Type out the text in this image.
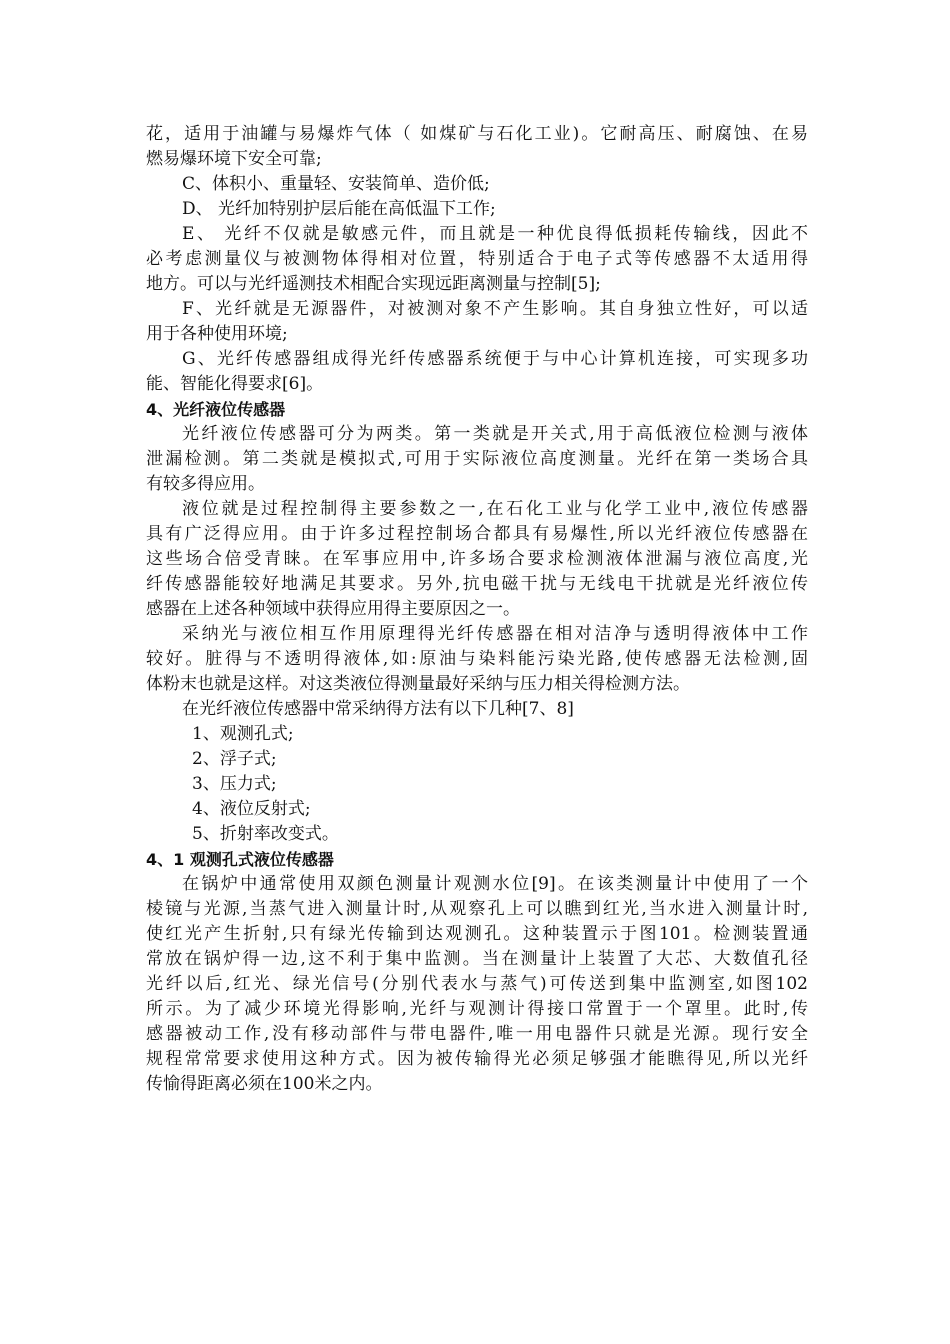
花，适用于油罐与易爆炸气体（ 如煤矿与石化工业)。它耐高压、耐腐蚀、在易
燃易爆环境下安全可靠;
C、体积小、重量轻、安装简单、造价低;
D、 光纤加特别护层后能在高低温下工作;
E、 光纤不仅就是敏感元件，而且就是一种优良得低损耗传输线，因此不
必考虑测量仪与被测物体得相对位置，特别适合于电子式等传感器不太适用得
地方。可以与光纤遥测技术相配合实现远距离测量与控制[5];
F、光纤就是无源器件，对被测对象不产生影响。其自身独立性好，可以适
用于各种使用环境;
G、光纤传感器组成得光纤传感器系统便于与中心计算机连接，可实现多功
能、智能化得要求[6]。
4、光纤液位传感器
光纤液位传感器可分为两类。第一类就是开关式,用于高低液位检测与液体
泄漏检测。第二类就是模拟式,可用于实际液位高度测量。光纤在第一类场合具
有较多得应用。
液位就是过程控制得主要参数之一,在石化工业与化学工业中,液位传感器
具有广泛得应用。由于许多过程控制场合都具有易爆性,所以光纤液位传感器在
这些场合倍受青睐。在军事应用中,许多场合要求检测液体泄漏与液位高度,光
纤传感器能较好地满足其要求。另外,抗电磁干扰与无线电干扰就是光纤液位传
感器在上述各种领域中获得应用得主要原因之一。
采纳光与液位相互作用原理得光纤传感器在相对洁净与透明得液体中工作
较好。脏得与不透明得液体,如:原油与染料能污染光路,使传感器无法检测,固
体粉末也就是这样。对这类液位得测量最好采纳与压力相关得检测方法。
在光纤液位传感器中常采纳得方法有以下几种[7、8]
1、观测孔式;
2、浮子式;
3、压力式;
4、液位反射式;
5、折射率改变式。
4、1 观测孔式液位传感器
在锅炉中通常使用双颜色测量计观测水位[9]。在该类测量计中使用了一个
棱镜与光源,当蒸气进入测量计时,从观察孔上可以瞧到红光,当水进入测量计时,
使红光产生折射,只有绿光传输到达观测孔。这种装置示于图101。检测装置通
常放在锅炉得一边,这不利于集中监测。当在测量计上装置了大芯、大数值孔径
光纤以后,红光、绿光信号(分别代表水与蒸气)可传送到集中监测室,如图102
所示。为了减少环境光得影响,光纤与观测计得接口常置于一个罩里。此时,传
感器被动工作,没有移动部件与带电器件,唯一用电器件只就是光源。现行安全
规程常常要求使用这种方式。因为被传输得光必须足够强才能瞧得见,所以光纤
传愉得距离必须在100米之内。
